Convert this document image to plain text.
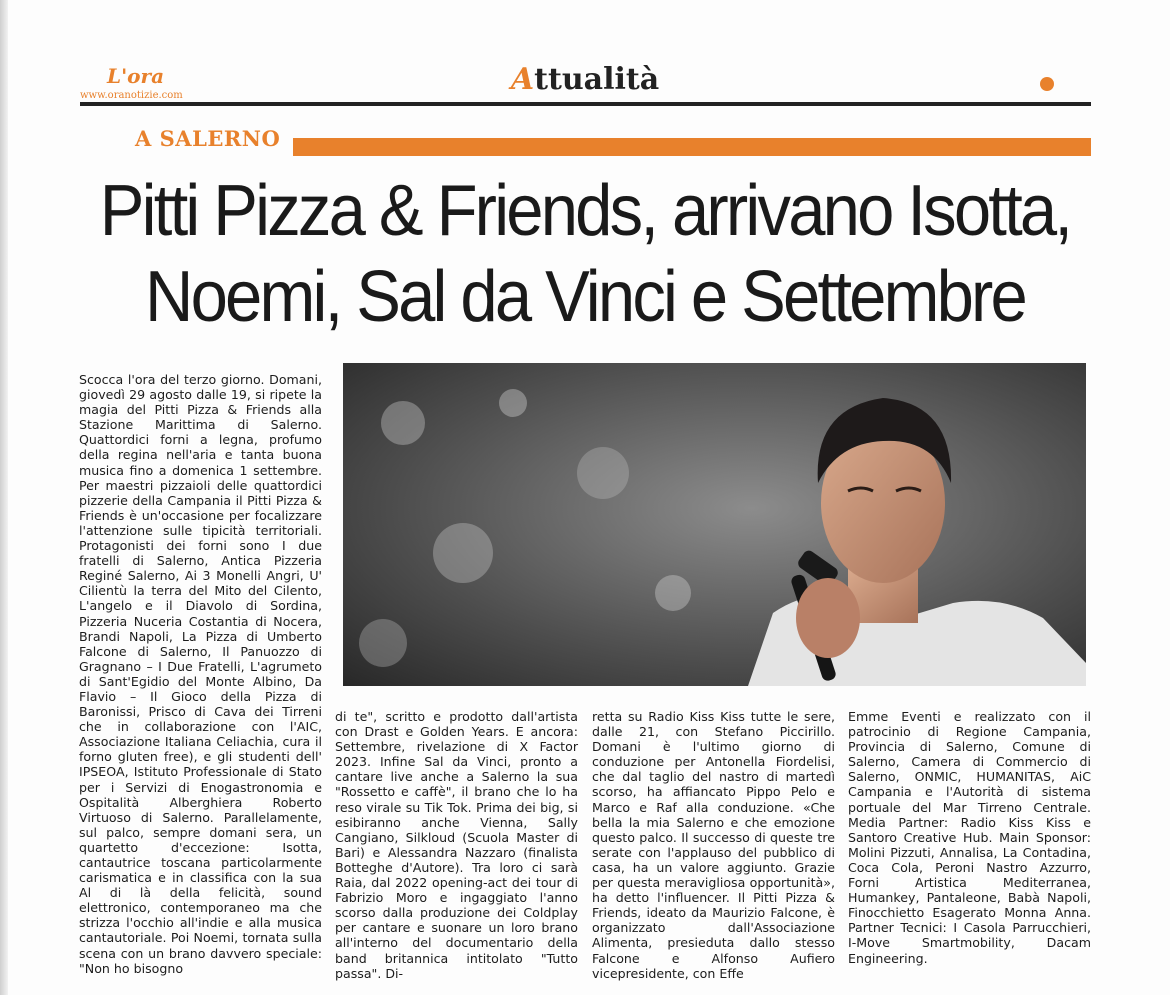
L'ora
www.oranotizie.com	Attualità
A SALERNO
Pitti Pizza & Friends, arrivano Isotta,
Noemi, Sal da Vinci e Settembre

Scocca l'ora del terzo giorno. Domani, giovedì 29 agosto dalle 19, si ripete la magia del Pitti Pizza & Friends alla Stazione Marittima di Salerno. Quattordici forni a legna, profumo della regina nell'aria e tanta buona musica fino a domenica 1 settembre. Per maestri pizzaioli delle quattordici pizzerie della Campania il Pitti Pizza & Friends è un'occasione per focalizzare l'attenzione sulle tipicità territoriali. Protagonisti dei forni sono I due fratelli di Salerno, Antica Pizzeria Reginé Salerno, Ai 3 Monelli Angri, U' Cilientù la terra del Mito del Cilento, L'angelo e il Diavolo di Sordina, Pizzeria Nuceria Costantia di Nocera, Brandi Napoli, La Pizza di Umberto Falcone di Salerno, Il Panuozzo di Gragnano – I Due Fratelli, L'agrumeto di Sant'Egidio del Monte Albino, Da Flavio – Il Gioco della Pizza di Baronissi, Prisco di Cava dei Tirreni che in collaborazione con l'AIC, Associazione Italiana Celiachia, cura il forno gluten free), e gli studenti dell' IPSEOA, Istituto Professionale di Stato per i Servizi di Enogastronomia e Ospitalità Alberghiera Roberto Virtuoso di Salerno. Parallelamente, sul palco, sempre domani sera, un quartetto d'eccezione: Isotta, cantautrice toscana particolarmente carismatica e in classifica con la sua Al di là della felicità, sound elettronico, contemporaneo ma che strizza l'occhio all'indie e alla musica cantautoriale. Poi Noemi, tornata sulla scena con un brano davvero speciale: "Non ho bisogno

di te", scritto e prodotto dall'artista con Drast e Golden Years. E ancora: Settembre, rivelazione di X Factor 2023. Infine Sal da Vinci, pronto a cantare live anche a Salerno la sua "Rossetto e caffè", il brano che lo ha reso virale su Tik Tok. Prima dei big, si esibiranno anche Vienna, Sally Cangiano, Silkloud (Scuola Master di Bari) e Alessandra Nazzaro (finalista Botteghe d'Autore). Tra loro ci sarà Raia, dal 2022 opening-act dei tour di Fabrizio Moro e ingaggiato l'anno scorso dalla produzione dei Coldplay per cantare e suonare un loro brano all'interno del documentario della band britannica intitolato "Tutto passa". Di-

retta su Radio Kiss Kiss tutte le sere, dalle 21, con Stefano Piccirillo. Domani è l'ultimo giorno di conduzione per Antonella Fiordelisi, che dal taglio del nastro di martedì scorso, ha affiancato Pippo Pelo e Marco e Raf alla conduzione. «Che bella la mia Salerno e che emozione questo palco. Il successo di queste tre serate con l'applauso del pubblico di casa, ha un valore aggiunto. Grazie per questa meravigliosa opportunità», ha detto l'influencer. Il Pitti Pizza & Friends, ideato da Maurizio Falcone, è organizzato dall'Associazione Alimenta, presieduta dallo stesso Falcone e Alfonso Aufiero vicepresidente, con Effe

Emme Eventi e realizzato con il patrocinio di Regione Campania, Provincia di Salerno, Comune di Salerno, Camera di Commercio di Salerno, ONMIC, HUMANITAS, AiC Campania e l'Autorità di sistema portuale del Mar Tirreno Centrale. Media Partner: Radio Kiss Kiss e Santoro Creative Hub. Main Sponsor: Molini Pizzuti, Annalisa, La Contadina, Coca Cola, Peroni Nastro Azzurro, Forni Artistica Mediterranea, Humankey, Pantaleone, Babà Napoli, Finocchietto Esagerato Monna Anna. Partner Tecnici: I Casola Parrucchieri, I-Move Smartmobility, Dacam Engineering.
